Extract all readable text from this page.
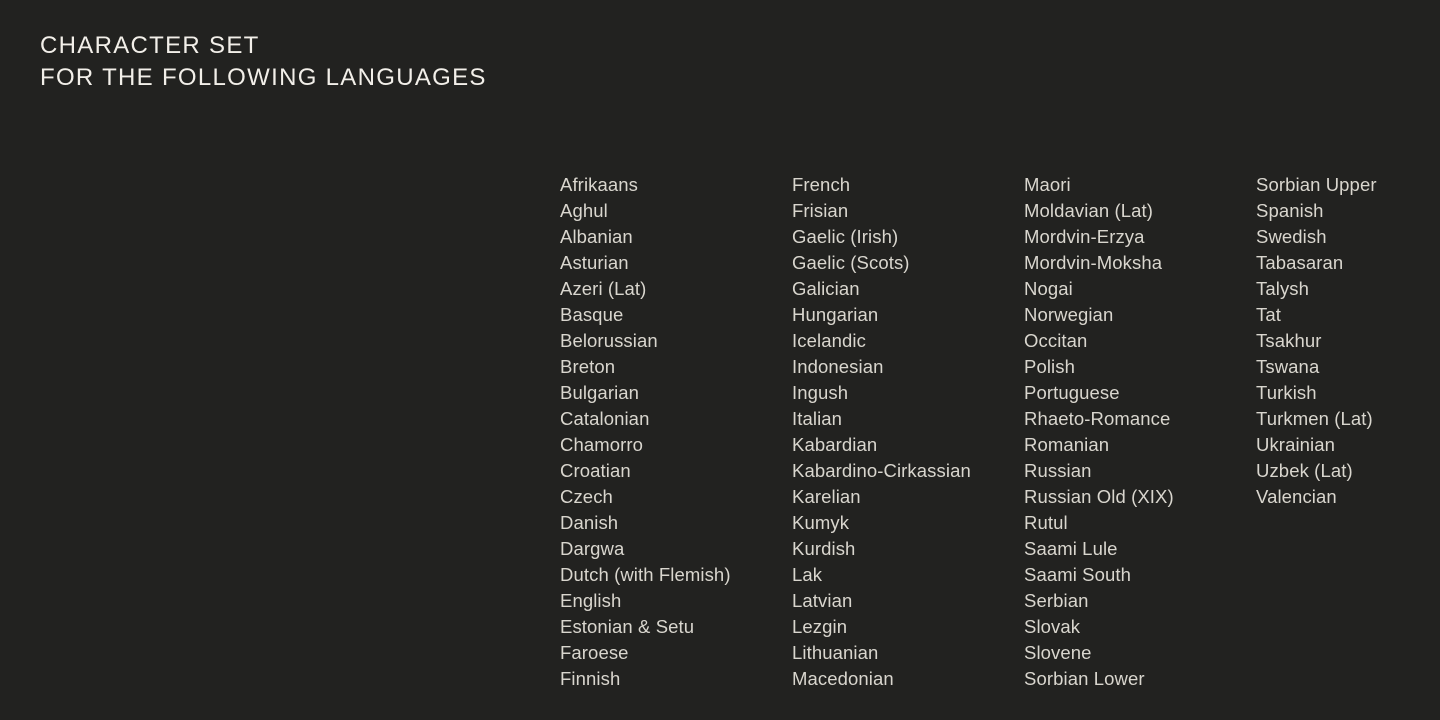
CHARACTER SET
FOR THE FOLLOWING LANGUAGES
Afrikaans
Aghul
Albanian
Asturian
Azeri (Lat)
Basque
Belorussian
Breton
Bulgarian
Catalonian
Chamorro
Croatian
Czech
Danish
Dargwa
Dutch (with Flemish)
English
Estonian & Setu
Faroese
Finnish
French
Frisian
Gaelic (Irish)
Gaelic (Scots)
Galician
Hungarian
Icelandic
Indonesian
Ingush
Italian
Kabardian
Kabardino-Cirkassian
Karelian
Kumyk
Kurdish
Lak
Latvian
Lezgin
Lithuanian
Macedonian
Maori
Moldavian (Lat)
Mordvin-Erzya
Mordvin-Moksha
Nogai
Norwegian
Occitan
Polish
Portuguese
Rhaeto-Romance
Romanian
Russian
Russian Old (XIX)
Rutul
Saami Lule
Saami South
Serbian
Slovak
Slovene
Sorbian Lower
Sorbian Upper
Spanish
Swedish
Tabasaran
Talysh
Tat
Tsakhur
Tswana
Turkish
Turkmen (Lat)
Ukrainian
Uzbek (Lat)
Valencian
